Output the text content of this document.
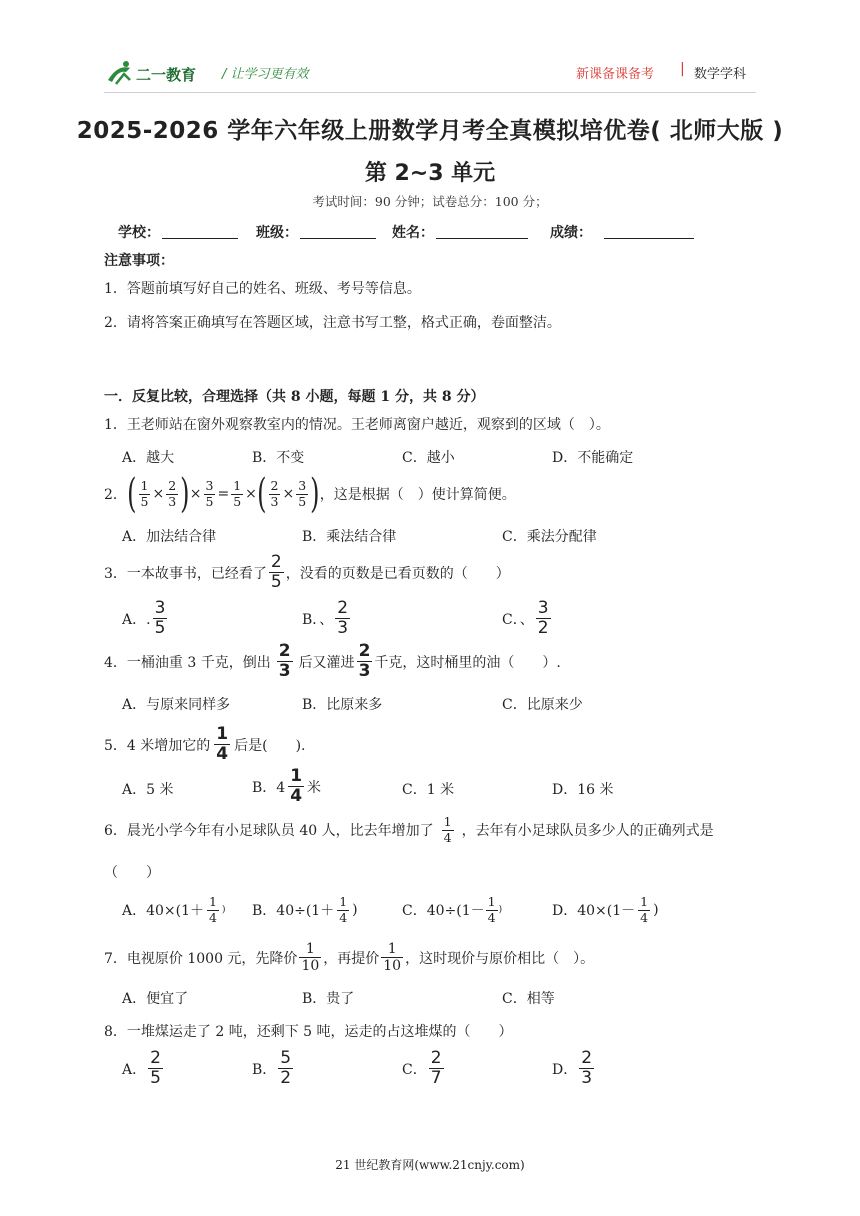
二一教育 / 让学习更有效	新课备课备考 | 数学学科
2025-2026 学年六年级上册数学月考全真模拟培优卷( 北师大版 )
第 2~3 单元
考试时间：90 分钟；试卷总分：100 分；
学校：	班级：	姓名：	成绩：
注意事项：
1．答题前填写好自己的姓名、班级、考号等信息。
2．请将答案正确填写在答题区域，注意书写工整，格式正确，卷面整洁。
一．反复比较，合理选择（共 8 小题，每题 1 分，共 8 分）
1．王老师站在窗外观察教室内的情况。王老师离窗户越近，观察到的区域（　）。
A．越大	B．不变	C．越小	D．不能确定
2． ( $\frac{1}{5} \times \frac{2}{3}$ ) × $\frac{3}{5} = \frac{1}{5}$ × ( $\frac{2}{3} \times \frac{3}{5}$ ) ，这是根据（　）使计算简便。
A．加法结合律	B．乘法结合律	C．乘法分配律
3．一本故事书，已经看了 $\frac{2}{5}$ ，没看的页数是已看页数的（　　）
A．. $\frac{3}{5}$	B．、 $\frac{2}{3}$	C．、 $\frac{3}{2}$
4．一桶油重 3 千克，倒出 $\frac{2}{3}$ 后又灌进 $\frac{2}{3}$ 千克，这时桶里的油（　　）.
A．与原来同样多	B．比原来多	C．比原来少
5．4 米增加它的 $\frac{1}{4}$ 后是(　　).
A．5 米	B．$4 \frac{1}{4}$ 米	C．1 米	D．16 米
6．晨光小学今年有小足球队员 40 人，比去年增加了 $\frac{1}{4}$ ，去年有小足球队员多少人的正确列式是
（　　）
A．$40\times(1+ \frac{1}{4}$ ) B．$40\div(1+ \frac{1}{4}$ )	C．$40\div(1- \frac{1}{4}$ )	D．$40\times(1- \frac{1}{4}$ )
7．电视原价 1000 元，先降价 $\frac{1}{10}$ ，再提价 $\frac{1}{10}$ ，这时现价与原价相比（　）。
A．便宜了	B．贵了	C．相等
8．一堆煤运走了 2 吨，还剩下 5 吨，运走的占这堆煤的（　　）
A． $\frac{2}{5}$	B． $\frac{5}{2}$	C． $\frac{2}{7}$	D． $\frac{2}{3}$
21 世纪教育网(www.21cnjy.com)
